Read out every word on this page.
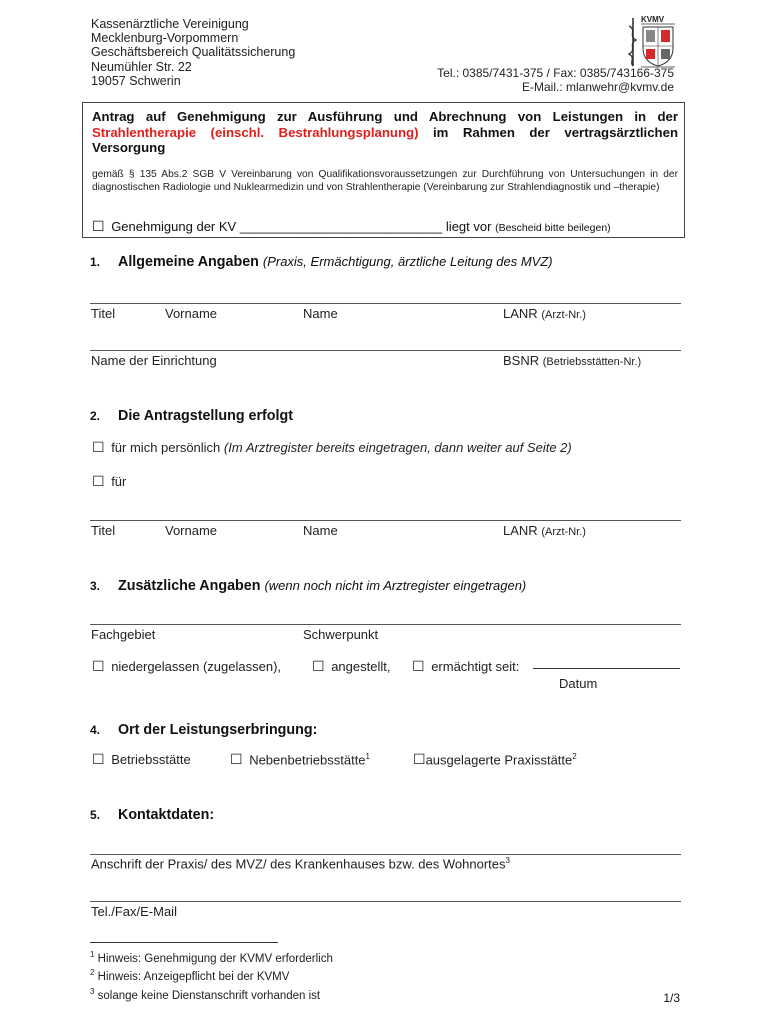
Kassenärztliche Vereinigung
Mecklenburg-Vorpommern
Geschäftsbereich Qualitätssicherung
Neumühler Str. 22
19057 Schwerin
KVMV
Tel.: 0385/7431-375 / Fax: 0385/743166-375
E-Mail.: mlanwehr@kvmv.de
Antrag auf Genehmigung zur Ausführung und Abrechnung von Leistungen in der Strahlentherapie (einschl. Bestrahlungsplanung) im Rahmen der vertragsärztlichen Versorgung
gemäß § 135 Abs.2 SGB V Vereinbarung von Qualifikationsvoraussetzungen zur Durchführung von Untersuchungen in der diagnostischen Radiologie und Nuklearmedizin und von Strahlentherapie (Vereinbarung zur Strahlendiagnostik und –therapie)
☐ Genehmigung der KV ____________________________ liegt vor (Bescheid bitte beilegen)
1. Allgemeine Angaben (Praxis, Ermächtigung, ärztliche Leitung des MVZ)
Titel	Vorname	Name	LANR (Arzt-Nr.)
Name der Einrichtung	BSNR (Betriebsstätten-Nr.)
2. Die Antragstellung erfolgt
☐ für mich persönlich (Im Arztregister bereits eingetragen, dann weiter auf Seite 2)
☐ für
Titel	Vorname	Name	LANR (Arzt-Nr.)
3. Zusätzliche Angaben (wenn noch nicht im Arztregister eingetragen)
Fachgebiet	Schwerpunkt
☐ niedergelassen (zugelassen), ☐ angestellt, ☐ ermächtigt seit:
Datum
4. Ort der Leistungserbringung:
☐ Betriebsstätte	☐ Nebenbetriebsstätte$^1$	☐ausgelagerte Praxisstätte$^2$
5. Kontaktdaten:
Anschrift der Praxis/ des MVZ/ des Krankenhauses bzw. des Wohnortes$^3$
Tel./Fax/E-Mail
$^1$ Hinweis: Genehmigung der KVMV erforderlich
$^2$ Hinweis: Anzeigepflicht bei der KVMV
$^3$ solange keine Dienstanschrift vorhanden ist	1/3
